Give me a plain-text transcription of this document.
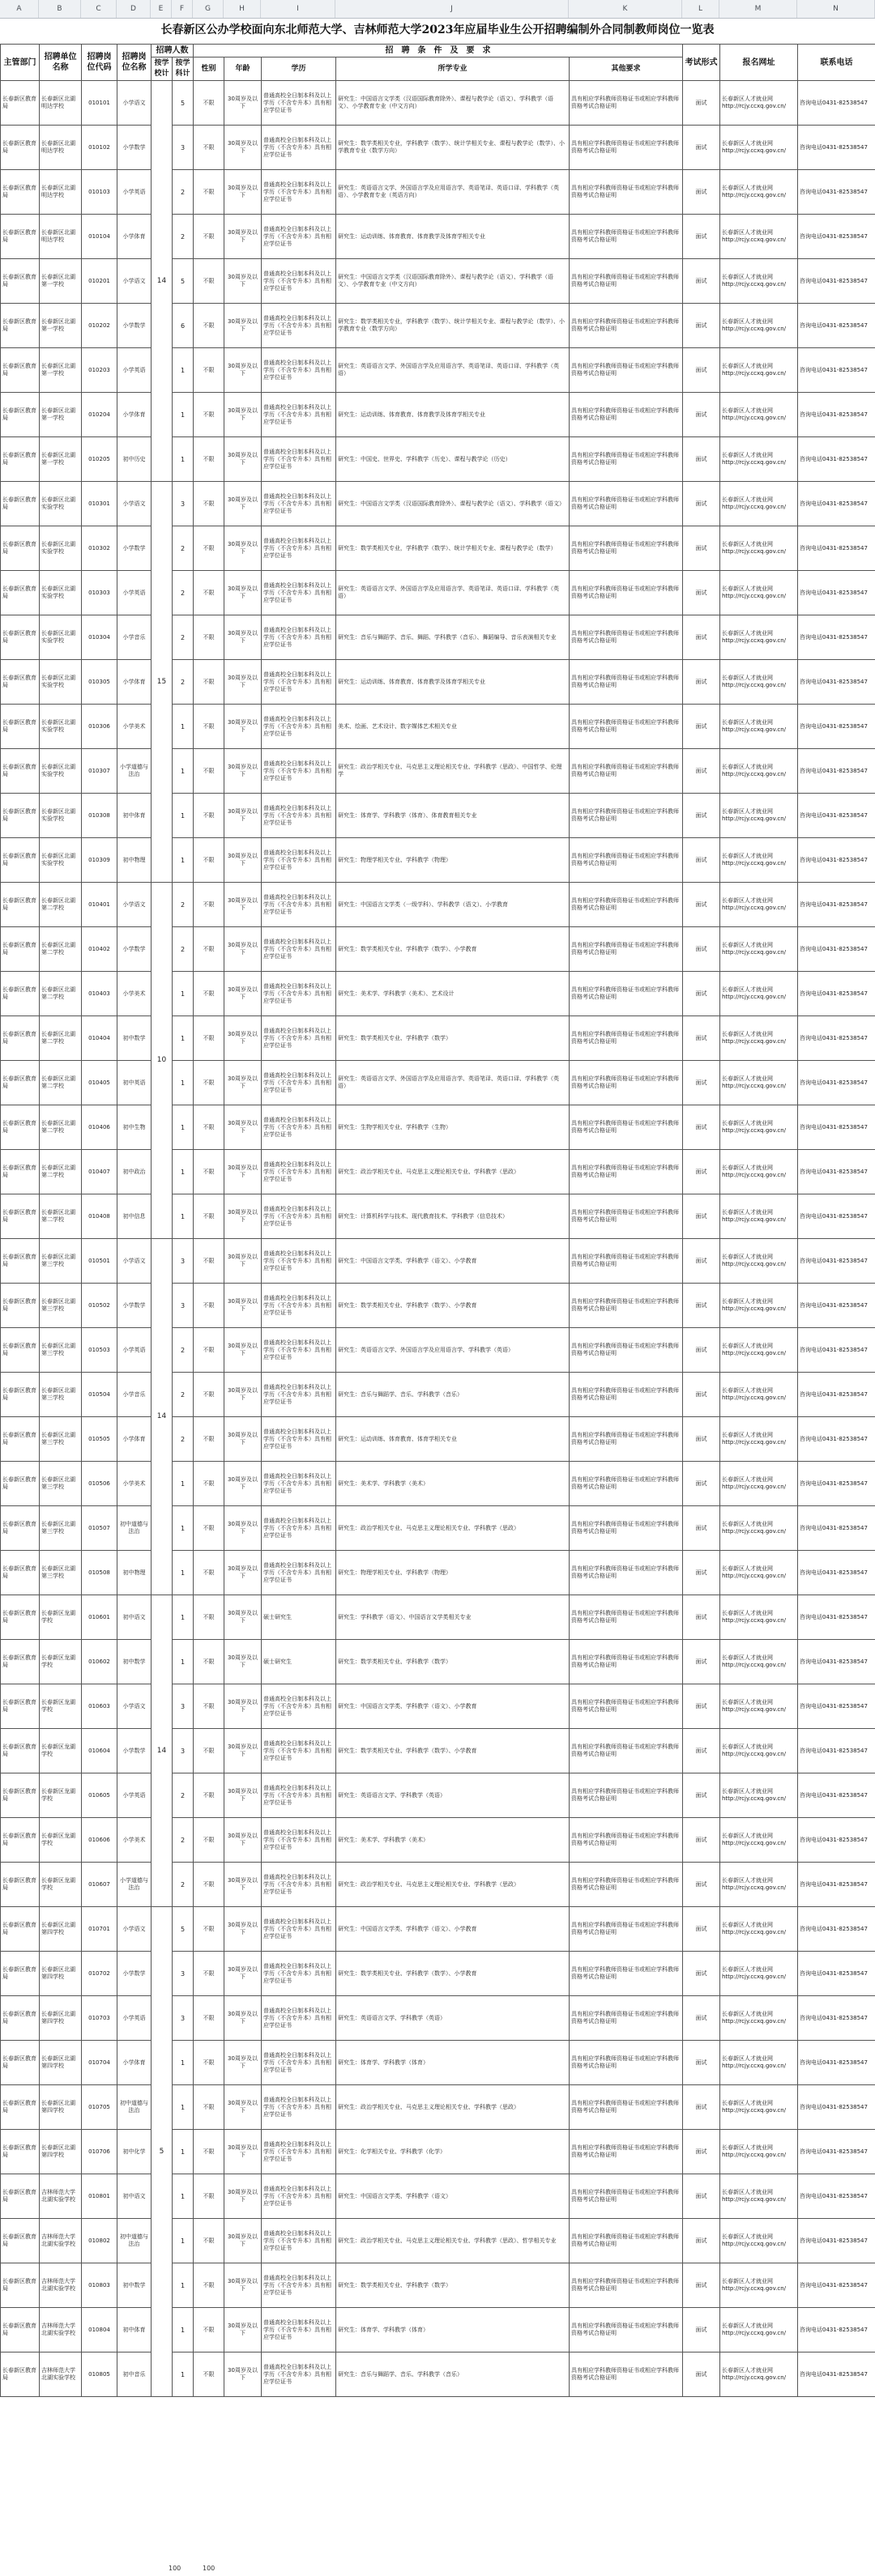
A	B	C	D	E	F	G	H	I	J	K	L	M	N
长春新区公办学校面向东北师范大学、吉林师范大学2023年应届毕业生公开招聘编制外合同制教师岗位一览表
主管部门	招聘单位名称	招聘岗位代码	招聘岗位名称	招聘人数		招　聘　条　件　及　要　求					考试形式	报名网址	联系电话
				按学校计	按学科计	性别	年龄	学历	所学专业	其他要求			
长春新区教育局	长春新区北湖明达学校	010101	小学语文	14	5	不限	30周岁及以下	普通高校全日制本科及以上学历（不含专升本）具有相应学位证书	研究生：中国语言文学类（汉语国际教育除外）、课程与教学论（语文）、学科教学（语文）、小学教育专业（中文方向）	具有相应学科教师资格证书或相应学科教师资格考试合格证明	面试	长春新区人才就业网 http://rcjy.ccxq.gov.cn/	咨询电话0431-82538547
长春新区教育局	长春新区北湖明达学校	010102	小学数学		3	不限	30周岁及以下	普通高校全日制本科及以上学历（不含专升本）具有相应学位证书	研究生：数学类相关专业，学科教学（数学）、统计学相关专业、课程与教学论（数学）、小学教育专业（数学方向）	具有相应学科教师资格证书或相应学科教师资格考试合格证明	面试	长春新区人才就业网 http://rcjy.ccxq.gov.cn/	咨询电话0431-82538547
长春新区教育局	长春新区北湖明达学校	010103	小学英语		2	不限	30周岁及以下	普通高校全日制本科及以上学历（不含专升本）具有相应学位证书	研究生：英语语言文学、外国语言学及应用语言学、英语笔译、英语口译、学科教学（英语）、小学教育专业（英语方向）	具有相应学科教师资格证书或相应学科教师资格考试合格证明	面试	长春新区人才就业网 http://rcjy.ccxq.gov.cn/	咨询电话0431-82538547
长春新区教育局	长春新区北湖明达学校	010104	小学体育		2	不限	30周岁及以下	普通高校全日制本科及以上学历（不含专升本）具有相应学位证书	研究生：运动训练、体育教育、体育教学及体育学相关专业	具有相应学科教师资格证书或相应学科教师资格考试合格证明	面试	长春新区人才就业网 http://rcjy.ccxq.gov.cn/	咨询电话0431-82538547
长春新区教育局	长春新区北湖第一学校	010201	小学语文		5	不限	30周岁及以下	普通高校全日制本科及以上学历（不含专升本）具有相应学位证书	研究生：中国语言文学类（汉语国际教育除外）、课程与教学论（语文）、学科教学（语文）、小学教育专业（中文方向）	具有相应学科教师资格证书或相应学科教师资格考试合格证明	面试	长春新区人才就业网 http://rcjy.ccxq.gov.cn/	咨询电话0431-82538547
长春新区教育局	长春新区北湖第一学校	010202	小学数学		6	不限	30周岁及以下	普通高校全日制本科及以上学历（不含专升本）具有相应学位证书	研究生：数学类相关专业，学科教学（数学）、统计学相关专业、课程与教学论（数学）、小学教育专业（数学方向）	具有相应学科教师资格证书或相应学科教师资格考试合格证明	面试	长春新区人才就业网 http://rcjy.ccxq.gov.cn/	咨询电话0431-82538547
长春新区教育局	长春新区北湖第一学校	010203	小学英语		1	不限	30周岁及以下	普通高校全日制本科及以上学历（不含专升本）具有相应学位证书	研究生：英语语言文学、外国语言学及应用语言学、英语笔译、英语口译、学科教学（英语）	具有相应学科教师资格证书或相应学科教师资格考试合格证明	面试	长春新区人才就业网 http://rcjy.ccxq.gov.cn/	咨询电话0431-82538547
长春新区教育局	长春新区北湖第一学校	010204	小学体育		1	不限	30周岁及以下	普通高校全日制本科及以上学历（不含专升本）具有相应学位证书	研究生：运动训练、体育教育、体育教学及体育学相关专业	具有相应学科教师资格证书或相应学科教师资格考试合格证明	面试	长春新区人才就业网 http://rcjy.ccxq.gov.cn/	咨询电话0431-82538547
长春新区教育局	长春新区北湖第一学校	010205	初中历史		1	不限	30周岁及以下	普通高校全日制本科及以上学历（不含专升本）具有相应学位证书	研究生：中国史、世界史、学科教学（历史）、课程与教学论（历史）	具有相应学科教师资格证书或相应学科教师资格考试合格证明	面试	长春新区人才就业网 http://rcjy.ccxq.gov.cn/	咨询电话0431-82538547
长春新区教育局	长春新区北湖实验学校	010301	小学语文	15	3	不限	30周岁及以下	普通高校全日制本科及以上学历（不含专升本）具有相应学位证书	研究生：中国语言文学类（汉语国际教育除外）、课程与教学论（语文）、学科教学（语文）	具有相应学科教师资格证书或相应学科教师资格考试合格证明	面试	长春新区人才就业网 http://rcjy.ccxq.gov.cn/	咨询电话0431-82538547
长春新区教育局	长春新区北湖实验学校	010302	小学数学		2	不限	30周岁及以下	普通高校全日制本科及以上学历（不含专升本）具有相应学位证书	研究生：数学类相关专业，学科教学（数学）、统计学相关专业、课程与教学论（数学）	具有相应学科教师资格证书或相应学科教师资格考试合格证明	面试	长春新区人才就业网 http://rcjy.ccxq.gov.cn/	咨询电话0431-82538547
长春新区教育局	长春新区北湖实验学校	010303	小学英语		2	不限	30周岁及以下	普通高校全日制本科及以上学历（不含专升本）具有相应学位证书	研究生：英语语言文学、外国语言学及应用语言学、英语笔译、英语口译、学科教学（英语）	具有相应学科教师资格证书或相应学科教师资格考试合格证明	面试	长春新区人才就业网 http://rcjy.ccxq.gov.cn/	咨询电话0431-82538547
长春新区教育局	长春新区北湖实验学校	010304	小学音乐		2	不限	30周岁及以下	普通高校全日制本科及以上学历（不含专升本）具有相应学位证书	研究生：音乐与舞蹈学、音乐、舞蹈、学科教学（音乐）、舞蹈编导、音乐表演相关专业	具有相应学科教师资格证书或相应学科教师资格考试合格证明	面试	长春新区人才就业网 http://rcjy.ccxq.gov.cn/	咨询电话0431-82538547
长春新区教育局	长春新区北湖实验学校	010305	小学体育		2	不限	30周岁及以下	普通高校全日制本科及以上学历（不含专升本）具有相应学位证书	研究生：运动训练、体育教育、体育教学及体育学相关专业	具有相应学科教师资格证书或相应学科教师资格考试合格证明	面试	长春新区人才就业网 http://rcjy.ccxq.gov.cn/	咨询电话0431-82538547
长春新区教育局	长春新区北湖实验学校	010306	小学美术		1	不限	30周岁及以下	普通高校全日制本科及以上学历（不含专升本）具有相应学位证书	美术、绘画、艺术设计、数字媒体艺术相关专业	具有相应学科教师资格证书或相应学科教师资格考试合格证明	面试	长春新区人才就业网 http://rcjy.ccxq.gov.cn/	咨询电话0431-82538547
长春新区教育局	长春新区北湖实验学校	010307	小学道德与法治		1	不限	30周岁及以下	普通高校全日制本科及以上学历（不含专升本）具有相应学位证书	研究生：政治学相关专业、马克思主义理论相关专业、学科教学（思政）、中国哲学、伦理学	具有相应学科教师资格证书或相应学科教师资格考试合格证明	面试	长春新区人才就业网 http://rcjy.ccxq.gov.cn/	咨询电话0431-82538547
长春新区教育局	长春新区北湖实验学校	010308	初中体育		1	不限	30周岁及以下	普通高校全日制本科及以上学历（不含专升本）具有相应学位证书	研究生：体育学、学科教学（体育）、体育教育相关专业	具有相应学科教师资格证书或相应学科教师资格考试合格证明	面试	长春新区人才就业网 http://rcjy.ccxq.gov.cn/	咨询电话0431-82538547
长春新区教育局	长春新区北湖实验学校	010309	初中物理		1	不限	30周岁及以下	普通高校全日制本科及以上学历（不含专升本）具有相应学位证书	研究生：物理学相关专业、学科教学（物理）	具有相应学科教师资格证书或相应学科教师资格考试合格证明	面试	长春新区人才就业网 http://rcjy.ccxq.gov.cn/	咨询电话0431-82538547
长春新区教育局	长春新区北湖第二学校	010401	小学语文	10	2	不限	30周岁及以下	普通高校全日制本科及以上学历（不含专升本）具有相应学位证书	研究生：中国语言文学类（一级学科）、学科教学（语文）、小学教育	具有相应学科教师资格证书或相应学科教师资格考试合格证明	面试	长春新区人才就业网 http://rcjy.ccxq.gov.cn/	咨询电话0431-82538547
长春新区教育局	长春新区北湖第二学校	010402	小学数学		2	不限	30周岁及以下	普通高校全日制本科及以上学历（不含专升本）具有相应学位证书	研究生：数学类相关专业、学科教学（数学）、小学教育	具有相应学科教师资格证书或相应学科教师资格考试合格证明	面试	长春新区人才就业网 http://rcjy.ccxq.gov.cn/	咨询电话0431-82538547
长春新区教育局	长春新区北湖第二学校	010403	小学美术		1	不限	30周岁及以下	普通高校全日制本科及以上学历（不含专升本）具有相应学位证书	研究生：美术学、学科教学（美术）、艺术设计	具有相应学科教师资格证书或相应学科教师资格考试合格证明	面试	长春新区人才就业网 http://rcjy.ccxq.gov.cn/	咨询电话0431-82538547
长春新区教育局	长春新区北湖第二学校	010404	初中数学		1	不限	30周岁及以下	普通高校全日制本科及以上学历（不含专升本）具有相应学位证书	研究生：数学类相关专业、学科教学（数学）	具有相应学科教师资格证书或相应学科教师资格考试合格证明	面试	长春新区人才就业网 http://rcjy.ccxq.gov.cn/	咨询电话0431-82538547
长春新区教育局	长春新区北湖第二学校	010405	初中英语		1	不限	30周岁及以下	普通高校全日制本科及以上学历（不含专升本）具有相应学位证书	研究生：英语语言文学、外国语言学及应用语言学、英语笔译、英语口译、学科教学（英语）	具有相应学科教师资格证书或相应学科教师资格考试合格证明	面试	长春新区人才就业网 http://rcjy.ccxq.gov.cn/	咨询电话0431-82538547
长春新区教育局	长春新区北湖第二学校	010406	初中生物		1	不限	30周岁及以下	普通高校全日制本科及以上学历（不含专升本）具有相应学位证书	研究生：生物学相关专业、学科教学（生物）	具有相应学科教师资格证书或相应学科教师资格考试合格证明	面试	长春新区人才就业网 http://rcjy.ccxq.gov.cn/	咨询电话0431-82538547
长春新区教育局	长春新区北湖第二学校	010407	初中政治		1	不限	30周岁及以下	普通高校全日制本科及以上学历（不含专升本）具有相应学位证书	研究生：政治学相关专业、马克思主义理论相关专业、学科教学（思政）	具有相应学科教师资格证书或相应学科教师资格考试合格证明	面试	长春新区人才就业网 http://rcjy.ccxq.gov.cn/	咨询电话0431-82538547
长春新区教育局	长春新区北湖第二学校	010408	初中信息		1	不限	30周岁及以下	普通高校全日制本科及以上学历（不含专升本）具有相应学位证书	研究生：计算机科学与技术、现代教育技术、学科教学（信息技术）	具有相应学科教师资格证书或相应学科教师资格考试合格证明	面试	长春新区人才就业网 http://rcjy.ccxq.gov.cn/	咨询电话0431-82538547
长春新区教育局	长春新区北湖第三学校	010501	小学语文	14	3	不限	30周岁及以下	普通高校全日制本科及以上学历（不含专升本）具有相应学位证书	研究生：中国语言文学类、学科教学（语文）、小学教育	具有相应学科教师资格证书或相应学科教师资格考试合格证明	面试	长春新区人才就业网 http://rcjy.ccxq.gov.cn/	咨询电话0431-82538547
长春新区教育局	长春新区北湖第三学校	010502	小学数学		3	不限	30周岁及以下	普通高校全日制本科及以上学历（不含专升本）具有相应学位证书	研究生：数学类相关专业、学科教学（数学）、小学教育	具有相应学科教师资格证书或相应学科教师资格考试合格证明	面试	长春新区人才就业网 http://rcjy.ccxq.gov.cn/	咨询电话0431-82538547
长春新区教育局	长春新区北湖第三学校	010503	小学英语		2	不限	30周岁及以下	普通高校全日制本科及以上学历（不含专升本）具有相应学位证书	研究生：英语语言文学、外国语言学及应用语言学、学科教学（英语）	具有相应学科教师资格证书或相应学科教师资格考试合格证明	面试	长春新区人才就业网 http://rcjy.ccxq.gov.cn/	咨询电话0431-82538547
长春新区教育局	长春新区北湖第三学校	010504	小学音乐		2	不限	30周岁及以下	普通高校全日制本科及以上学历（不含专升本）具有相应学位证书	研究生：音乐与舞蹈学、音乐、学科教学（音乐）	具有相应学科教师资格证书或相应学科教师资格考试合格证明	面试	长春新区人才就业网 http://rcjy.ccxq.gov.cn/	咨询电话0431-82538547
长春新区教育局	长春新区北湖第三学校	010505	小学体育		2	不限	30周岁及以下	普通高校全日制本科及以上学历（不含专升本）具有相应学位证书	研究生：运动训练、体育教育、体育学相关专业	具有相应学科教师资格证书或相应学科教师资格考试合格证明	面试	长春新区人才就业网 http://rcjy.ccxq.gov.cn/	咨询电话0431-82538547
长春新区教育局	长春新区北湖第三学校	010506	小学美术		1	不限	30周岁及以下	普通高校全日制本科及以上学历（不含专升本）具有相应学位证书	研究生：美术学、学科教学（美术）	具有相应学科教师资格证书或相应学科教师资格考试合格证明	面试	长春新区人才就业网 http://rcjy.ccxq.gov.cn/	咨询电话0431-82538547
长春新区教育局	长春新区北湖第三学校	010507	初中道德与法治		1	不限	30周岁及以下	普通高校全日制本科及以上学历（不含专升本）具有相应学位证书	研究生：政治学相关专业、马克思主义理论相关专业、学科教学（思政）	具有相应学科教师资格证书或相应学科教师资格考试合格证明	面试	长春新区人才就业网 http://rcjy.ccxq.gov.cn/	咨询电话0431-82538547
长春新区教育局	长春新区北湖第三学校	010508	初中物理		1	不限	30周岁及以下	普通高校全日制本科及以上学历（不含专升本）具有相应学位证书	研究生：物理学相关专业、学科教学（物理）	具有相应学科教师资格证书或相应学科教师资格考试合格证明	面试	长春新区人才就业网 http://rcjy.ccxq.gov.cn/	咨询电话0431-82538547
长春新区教育局	长春新区龙湖学校	010601	初中语文	14	1	不限	30周岁及以下	硕士研究生	研究生：学科教学（语文）、中国语言文学类相关专业	具有相应学科教师资格证书或相应学科教师资格考试合格证明	面试	长春新区人才就业网 http://rcjy.ccxq.gov.cn/	咨询电话0431-82538547
长春新区教育局	长春新区龙湖学校	010602	初中数学		1	不限	30周岁及以下	硕士研究生	研究生：数学类相关专业、学科教学（数学）	具有相应学科教师资格证书或相应学科教师资格考试合格证明	面试	长春新区人才就业网 http://rcjy.ccxq.gov.cn/	咨询电话0431-82538547
长春新区教育局	长春新区龙湖学校	010603	小学语文		3	不限	30周岁及以下	普通高校全日制本科及以上学历（不含专升本）具有相应学位证书	研究生：中国语言文学类、学科教学（语文）、小学教育	具有相应学科教师资格证书或相应学科教师资格考试合格证明	面试	长春新区人才就业网 http://rcjy.ccxq.gov.cn/	咨询电话0431-82538547
长春新区教育局	长春新区龙湖学校	010604	小学数学		3	不限	30周岁及以下	普通高校全日制本科及以上学历（不含专升本）具有相应学位证书	研究生：数学类相关专业、学科教学（数学）、小学教育	具有相应学科教师资格证书或相应学科教师资格考试合格证明	面试	长春新区人才就业网 http://rcjy.ccxq.gov.cn/	咨询电话0431-82538547
长春新区教育局	长春新区龙湖学校	010605	小学英语		2	不限	30周岁及以下	普通高校全日制本科及以上学历（不含专升本）具有相应学位证书	研究生：英语语言文学、学科教学（英语）	具有相应学科教师资格证书或相应学科教师资格考试合格证明	面试	长春新区人才就业网 http://rcjy.ccxq.gov.cn/	咨询电话0431-82538547
长春新区教育局	长春新区龙湖学校	010606	小学美术		2	不限	30周岁及以下	普通高校全日制本科及以上学历（不含专升本）具有相应学位证书	研究生：美术学、学科教学（美术）	具有相应学科教师资格证书或相应学科教师资格考试合格证明	面试	长春新区人才就业网 http://rcjy.ccxq.gov.cn/	咨询电话0431-82538547
长春新区教育局	长春新区龙湖学校	010607	小学道德与法治		2	不限	30周岁及以下	普通高校全日制本科及以上学历（不含专升本）具有相应学位证书	研究生：政治学相关专业、马克思主义理论相关专业、学科教学（思政）	具有相应学科教师资格证书或相应学科教师资格考试合格证明	面试	长春新区人才就业网 http://rcjy.ccxq.gov.cn/	咨询电话0431-82538547
长春新区教育局	长春新区北湖第四学校	010701	小学语文	5	5	不限	30周岁及以下	普通高校全日制本科及以上学历（不含专升本）具有相应学位证书	研究生：中国语言文学类、学科教学（语文）、小学教育	具有相应学科教师资格证书或相应学科教师资格考试合格证明	面试	长春新区人才就业网 http://rcjy.ccxq.gov.cn/	咨询电话0431-82538547
长春新区教育局	长春新区北湖第四学校	010702	小学数学		3	不限	30周岁及以下	普通高校全日制本科及以上学历（不含专升本）具有相应学位证书	研究生：数学类相关专业、学科教学（数学）、小学教育	具有相应学科教师资格证书或相应学科教师资格考试合格证明	面试	长春新区人才就业网 http://rcjy.ccxq.gov.cn/	咨询电话0431-82538547
长春新区教育局	长春新区北湖第四学校	010703	小学英语		3	不限	30周岁及以下	普通高校全日制本科及以上学历（不含专升本）具有相应学位证书	研究生：英语语言文学、学科教学（英语）	具有相应学科教师资格证书或相应学科教师资格考试合格证明	面试	长春新区人才就业网 http://rcjy.ccxq.gov.cn/	咨询电话0431-82538547
长春新区教育局	长春新区北湖第四学校	010704	小学体育		1	不限	30周岁及以下	普通高校全日制本科及以上学历（不含专升本）具有相应学位证书	研究生：体育学、学科教学（体育）	具有相应学科教师资格证书或相应学科教师资格考试合格证明	面试	长春新区人才就业网 http://rcjy.ccxq.gov.cn/	咨询电话0431-82538547
长春新区教育局	长春新区北湖第四学校	010705	初中道德与法治		1	不限	30周岁及以下	普通高校全日制本科及以上学历（不含专升本）具有相应学位证书	研究生：政治学相关专业、马克思主义理论相关专业、学科教学（思政）	具有相应学科教师资格证书或相应学科教师资格考试合格证明	面试	长春新区人才就业网 http://rcjy.ccxq.gov.cn/	咨询电话0431-82538547
长春新区教育局	长春新区北湖第四学校	010706	初中化学		1	不限	30周岁及以下	普通高校全日制本科及以上学历（不含专升本）具有相应学位证书	研究生：化学相关专业、学科教学（化学）	具有相应学科教师资格证书或相应学科教师资格考试合格证明	面试	长春新区人才就业网 http://rcjy.ccxq.gov.cn/	咨询电话0431-82538547
长春新区教育局	吉林师范大学北湖实验学校	010801	初中语文		1	不限	30周岁及以下	普通高校全日制本科及以上学历（不含专升本）具有相应学位证书	研究生：中国语言文学类、学科教学（语文）	具有相应学科教师资格证书或相应学科教师资格考试合格证明	面试	长春新区人才就业网 http://rcjy.ccxq.gov.cn/	咨询电话0431-82538547
长春新区教育局	吉林师范大学北湖实验学校	010802	初中道德与法治		1	不限	30周岁及以下	普通高校全日制本科及以上学历（不含专升本）具有相应学位证书	研究生：政治学相关专业、马克思主义理论相关专业、学科教学（思政）、哲学相关专业	具有相应学科教师资格证书或相应学科教师资格考试合格证明	面试	长春新区人才就业网 http://rcjy.ccxq.gov.cn/	咨询电话0431-82538547
长春新区教育局	吉林师范大学北湖实验学校	010803	初中数学		1	不限	30周岁及以下	普通高校全日制本科及以上学历（不含专升本）具有相应学位证书	研究生：数学类相关专业、学科教学（数学）	具有相应学科教师资格证书或相应学科教师资格考试合格证明	面试	长春新区人才就业网 http://rcjy.ccxq.gov.cn/	咨询电话0431-82538547
长春新区教育局	吉林师范大学北湖实验学校	010804	初中体育		1	不限	30周岁及以下	普通高校全日制本科及以上学历（不含专升本）具有相应学位证书	研究生：体育学、学科教学（体育）	具有相应学科教师资格证书或相应学科教师资格考试合格证明	面试	长春新区人才就业网 http://rcjy.ccxq.gov.cn/	咨询电话0431-82538547
长春新区教育局	吉林师范大学北湖实验学校	010805	初中音乐		1	不限	30周岁及以下	普通高校全日制本科及以上学历（不含专升本）具有相应学位证书	研究生：音乐与舞蹈学、音乐、学科教学（音乐）	具有相应学科教师资格证书或相应学科教师资格考试合格证明	面试	长春新区人才就业网 http://rcjy.ccxq.gov.cn/	咨询电话0431-82538547
100	100
